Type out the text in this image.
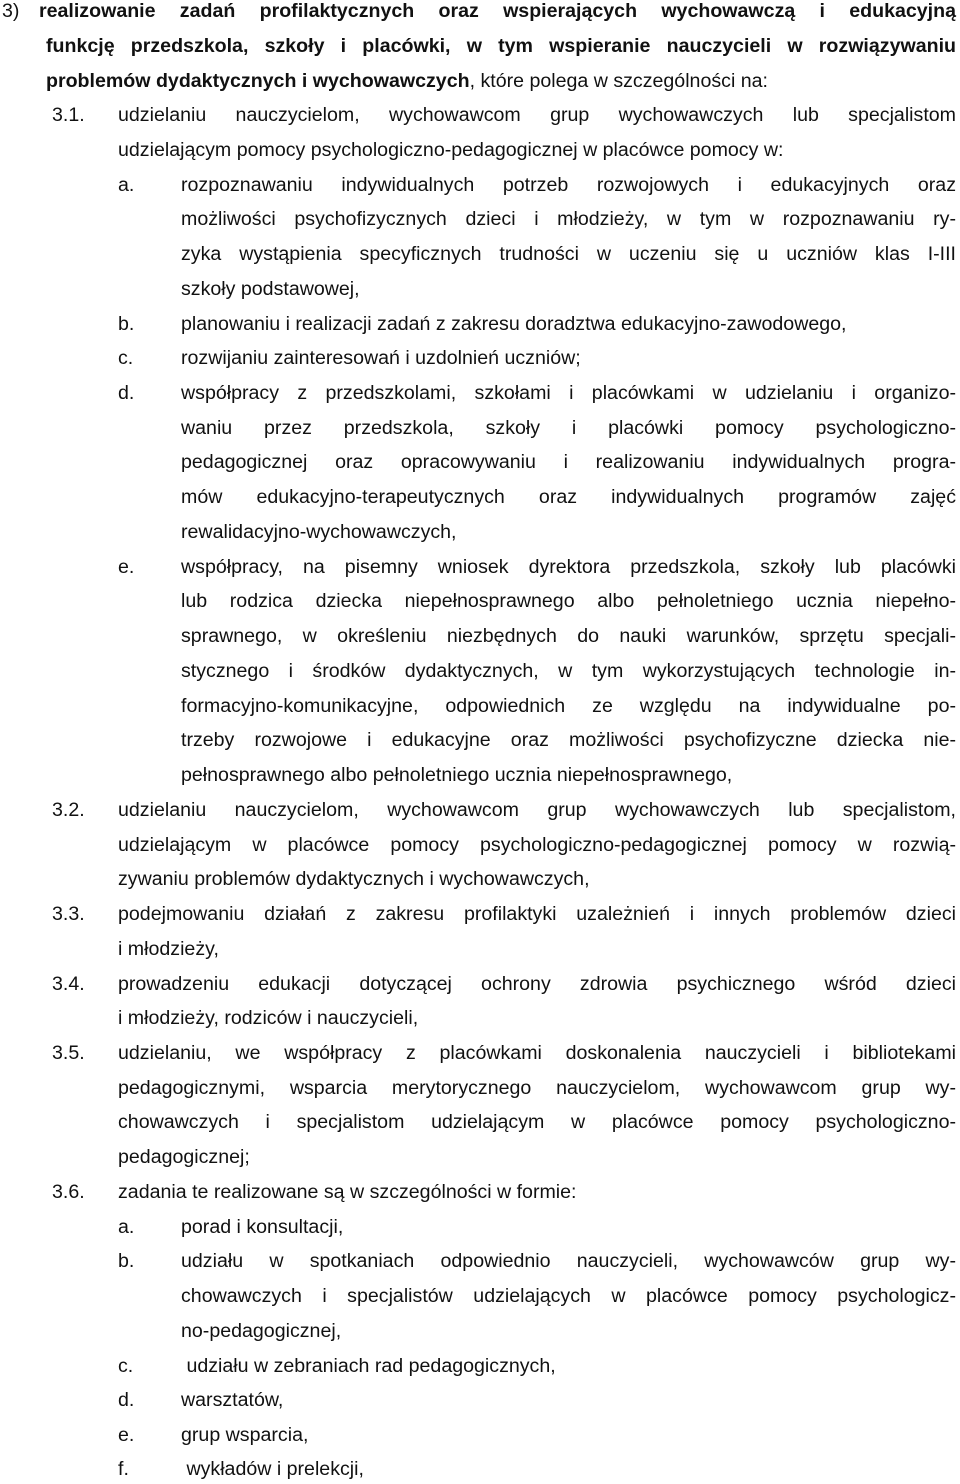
3) realizowanie zadań profilaktycznych oraz wspierających wychowawczą i edukacyjną
funkcję przedszkola, szkoły i placówki, w tym wspieranie nauczycieli w rozwiązywaniu
problemów dydaktycznych i wychowawczych, które polega w szczególności na:
3.1. udzielaniu nauczycielom, wychowawcom grup wychowawczych lub specjalistom
udzielającym pomocy psychologiczno-pedagogicznej w placówce pomocy w:
a. rozpoznawaniu indywidualnych potrzeb rozwojowych i edukacyjnych oraz
możliwości psychofizycznych dzieci i młodzieży, w tym w rozpoznawaniu ry-
zyka wystąpienia specyficznych trudności w uczeniu się u uczniów klas I-III
szkoły podstawowej,
b. planowaniu i realizacji zadań z zakresu doradztwa edukacyjno-zawodowego,
c. rozwijaniu zainteresowań i uzdolnień uczniów;
d. współpracy z przedszkolami, szkołami i placówkami w udzielaniu i organizo-
waniu przez przedszkola, szkoły i placówki pomocy psychologiczno-
pedagogicznej oraz opracowywaniu i realizowaniu indywidualnych progra-
mów edukacyjno-terapeutycznych oraz indywidualnych programów zajęć
rewalidacyjno-wychowawczych,
e. współpracy, na pisemny wniosek dyrektora przedszkola, szkoły lub placówki
lub rodzica dziecka niepełnosprawnego albo pełnoletniego ucznia niepełno-
sprawnego, w określeniu niezbędnych do nauki warunków, sprzętu specjali-
stycznego i środków dydaktycznych, w tym wykorzystujących technologie in-
formacyjno-komunikacyjne, odpowiednich ze względu na indywidualne po-
trzeby rozwojowe i edukacyjne oraz możliwości psychofizyczne dziecka nie-
pełnosprawnego albo pełnoletniego ucznia niepełnosprawnego,
3.2. udzielaniu nauczycielom, wychowawcom grup wychowawczych lub specjalistom,
udzielającym w placówce pomocy psychologiczno-pedagogicznej pomocy w rozwią-
zywaniu problemów dydaktycznych i wychowawczych,
3.3. podejmowaniu działań z zakresu profilaktyki uzależnień i innych problemów dzieci
i młodzieży,
3.4. prowadzeniu edukacji dotyczącej ochrony zdrowia psychicznego wśród dzieci
i młodzieży, rodziców i nauczycieli,
3.5. udzielaniu, we współpracy z placówkami doskonalenia nauczycieli i bibliotekami
pedagogicznymi, wsparcia merytorycznego nauczycielom, wychowawcom grup wy-
chowawczych i specjalistom udzielającym w placówce pomocy psychologiczno-
pedagogicznej;
3.6. zadania te realizowane są w szczególności w formie:
a. porad i konsultacji,
b. udziału w spotkaniach odpowiednio nauczycieli, wychowawców grup wy-
chowawczych i specjalistów udzielających w placówce pomocy psychologicz-
no-pedagogicznej,
c. udziału w zebraniach rad pedagogicznych,
d. warsztatów,
e. grup wsparcia,
f.	wykładów i prelekcji,
